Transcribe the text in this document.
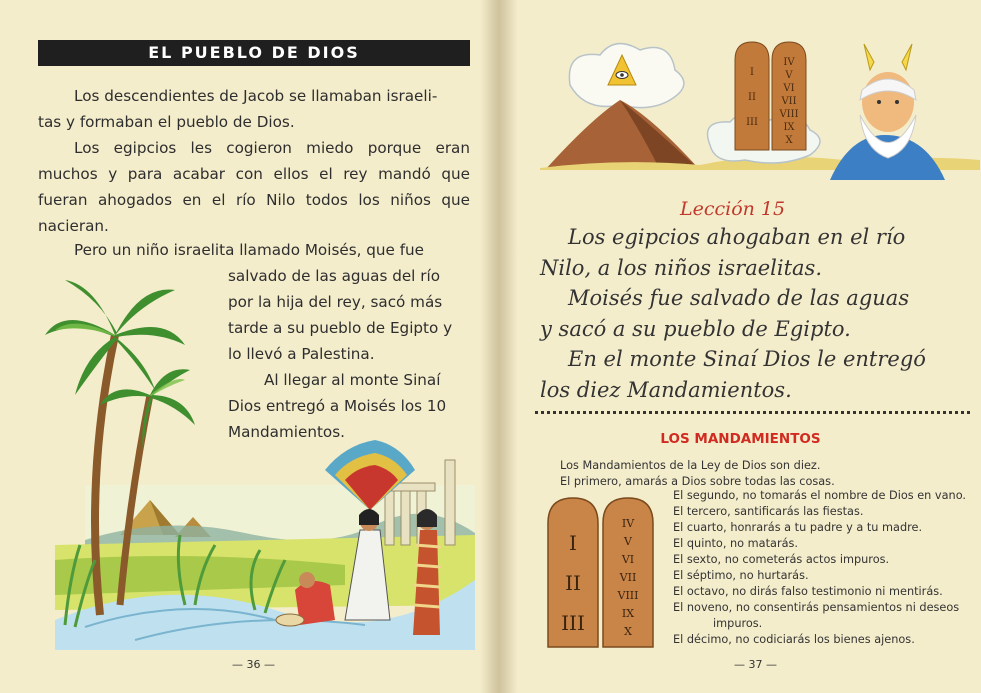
EL PUEBLO DE DIOS

Los descendientes de Jacob se llamaban israeli-

tas y formaban el pueblo de Dios.

Los egipcios les cogieron miedo porque eran

muchos y para acabar con ellos el rey mandó que

fueran ahogados en el río Nilo todos los niños que

nacieran.

Pero un niño israelita llamado Moisés, que fue

salvado de las aguas del río

por la hija del rey, sacó más

tarde a su pueblo de Egipto y

lo llevó a Palestina.

Al llegar al monte Sinaí

Dios entregó a Moisés los 10

Mandamientos.

— 36 —
I
II
III
IV
V
VI
VII
VIII
IX
X
Lección 15
Los egipcios ahogaban en el río
Nilo, a los niños israelitas.
Moisés fue salvado de las aguas
y sacó a su pueblo de Egipto.
En el monte Sinaí Dios le entregó
los diez Mandamientos.
LOS MANDAMIENTOS
Los Mandamientos de la Ley de Dios son diez.
El primero, amarás a Dios sobre todas las cosas.
El segundo, no tomarás el nombre de Dios en vano.
El tercero, santificarás las fiestas.
El cuarto, honrarás a tu padre y a tu madre.
El quinto, no matarás.
El sexto, no cometerás actos impuros.
El séptimo, no hurtarás.
El octavo, no dirás falso testimonio ni mentirás.
El noveno, no consentirás pensamientos ni deseos
impuros.
El décimo, no codiciarás los bienes ajenos.
I
II
III
IV
V
VI
VII
VIII
IX
X
— 37 —
